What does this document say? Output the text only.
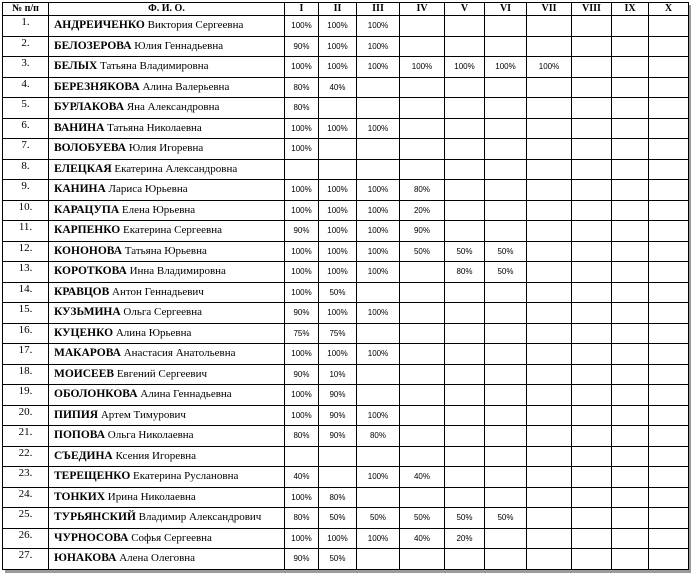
№ п/п	Ф. И. О.	I	II	III	IV	V	VI	VII	VIII	IX	X
1.	АНДРЕИЧЕНКО Виктория Сергеевна	100%	100%	100%							
2.	БЕЛОЗЕРОВА Юлия Геннадьевна	90%	100%	100%							
3.	БЕЛЫХ Татьяна Владимировна	100%	100%	100%	100%	100%	100%	100%			
4.	БЕРЕЗНЯКОВА Алина Валерьевна	80%	40%								
5.	БУРЛАКОВА Яна Александровна	80%									
6.	ВАНИНА Татьяна Николаевна	100%	100%	100%							
7.	ВОЛОБУЕВА Юлия Игоревна	100%									
8.	ЕЛЕЦКАЯ Екатерина Александровна										
9.	КАНИНА Лариса Юрьевна	100%	100%	100%	80%						
10.	КАРАЦУПА Елена Юрьевна	100%	100%	100%	20%						
11.	КАРПЕНКО Екатерина Сергеевна	90%	100%	100%	90%						
12.	КОНОНОВА Татьяна Юрьевна	100%	100%	100%	50%	50%	50%				
13.	КОРОТКОВА Инна Владимировна	100%	100%	100%		80%	50%				
14.	КРАВЦОВ Антон Геннадьевич	100%	50%								
15.	КУЗЬМИНА Ольга Сергеевна	90%	100%	100%							
16.	КУЦЕНКО Алина Юрьевна	75%	75%								
17.	МАКАРОВА Анастасия Анатольевна	100%	100%	100%							
18.	МОИСЕЕВ Евгений Сергеевич	90%	10%								
19.	ОБОЛОНКОВА Алина Геннадьевна	100%	90%								
20.	ПИПИЯ Артем Тимурович	100%	90%	100%							
21.	ПОПОВА Ольга Николаевна	80%	90%	80%							
22.	СЪЕДИНА Ксения Игоревна										
23.	ТЕРЕЩЕНКО Екатерина Руслановна	40%		100%	40%						
24.	ТОНКИХ Ирина Николаевна	100%	80%								
25.	ТУРЬЯНСКИЙ Владимир Александрович	80%	50%	50%	50%	50%	50%				
26.	ЧУРНОСОВА Софья Сергеевна	100%	100%	100%	40%	20%					
27.	ЮНАКОВА Алена Олеговна	90%	50%								
